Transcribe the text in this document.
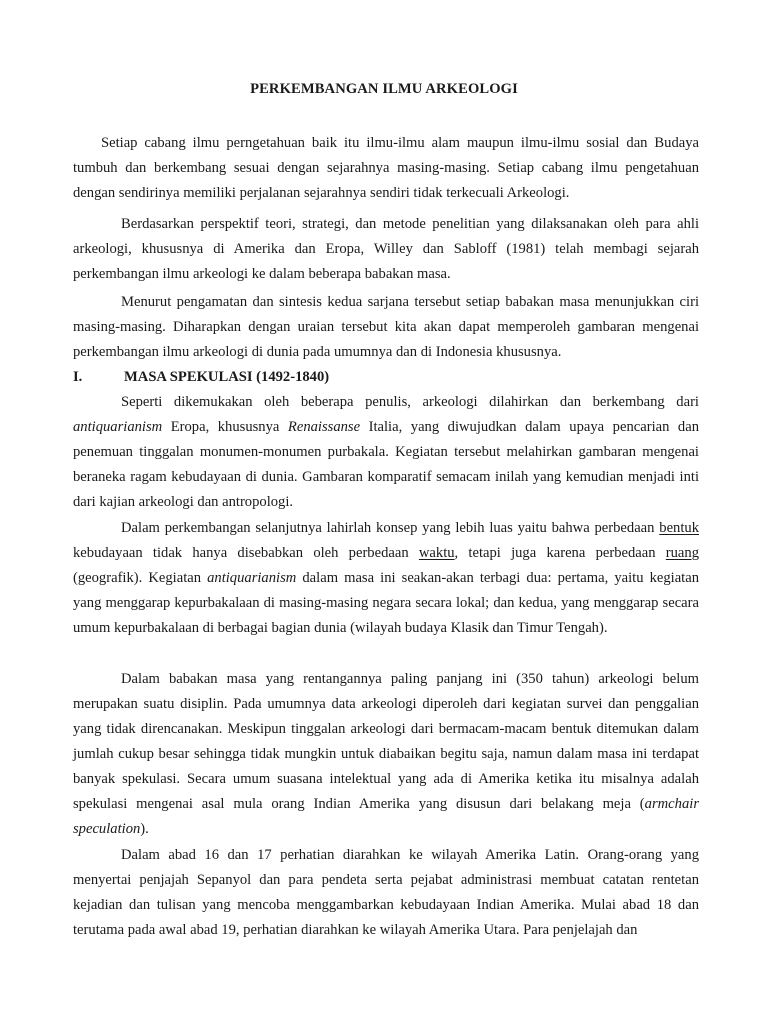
PERKEMBANGAN ILMU ARKEOLOGI

Setiap cabang ilmu perngetahuan baik itu ilmu-ilmu alam maupun ilmu-ilmu sosial dan Budaya tumbuh dan berkembang sesuai dengan sejarahnya masing-masing. Setiap cabang ilmu pengetahuan dengan sendirinya memiliki perjalanan sejarahnya sendiri tidak terkecuali Arkeologi.

Berdasarkan perspektif teori, strategi, dan metode penelitian yang dilaksanakan oleh para ahli arkeologi, khususnya di Amerika dan Eropa, Willey dan Sabloff (1981) telah membagi sejarah perkembangan ilmu arkeologi ke dalam beberapa babakan masa.

Menurut pengamatan dan sintesis kedua sarjana tersebut setiap babakan masa menunjukkan ciri masing-masing. Diharapkan dengan uraian tersebut kita akan dapat memperoleh gambaran mengenai perkembangan ilmu arkeologi di dunia pada umumnya dan di Indonesia khususnya.

I.	MASA SPEKULASI (1492-1840)

Seperti dikemukakan oleh beberapa penulis, arkeologi dilahirkan dan berkembang dari antiquarianism Eropa, khususnya Renaissanse Italia, yang diwujudkan dalam upaya pencarian dan penemuan tinggalan monumen-monumen purbakala. Kegiatan tersebut melahirkan gambaran mengenai beraneka ragam kebudayaan di dunia. Gambaran komparatif semacam inilah yang kemudian menjadi inti dari kajian arkeologi dan antropologi.

Dalam perkembangan selanjutnya lahirlah konsep yang lebih luas yaitu bahwa perbedaan bentuk kebudayaan tidak hanya disebabkan oleh perbedaan waktu, tetapi juga karena perbedaan ruang (geografik). Kegiatan antiquarianism dalam masa ini seakan-akan terbagi dua: pertama, yaitu kegiatan yang menggarap kepurbakalaan di masing-masing negara secara lokal; dan kedua, yang menggarap secara umum kepurbakalaan di berbagai bagian dunia (wilayah budaya Klasik dan Timur Tengah).

Dalam babakan masa yang rentangannya paling panjang ini (350 tahun) arkeologi belum merupakan suatu disiplin. Pada umumnya data arkeologi diperoleh dari kegiatan survei dan penggalian yang tidak direncanakan. Meskipun tinggalan arkeologi dari bermacam-macam bentuk ditemukan dalam jumlah cukup besar sehingga tidak mungkin untuk diabaikan begitu saja, namun dalam masa ini terdapat banyak spekulasi. Secara umum suasana intelektual yang ada di Amerika ketika itu misalnya adalah spekulasi mengenai asal mula orang Indian Amerika yang disusun dari belakang meja (armchair speculation).

Dalam abad 16 dan 17 perhatian diarahkan ke wilayah Amerika Latin. Orang-orang yang menyertai penjajah Sepanyol dan para pendeta serta pejabat administrasi membuat catatan rentetan kejadian dan tulisan yang mencoba menggambarkan kebudayaan Indian Amerika. Mulai abad 18 dan terutama pada awal abad 19, perhatian diarahkan ke wilayah Amerika Utara. Para penjelajah dan
